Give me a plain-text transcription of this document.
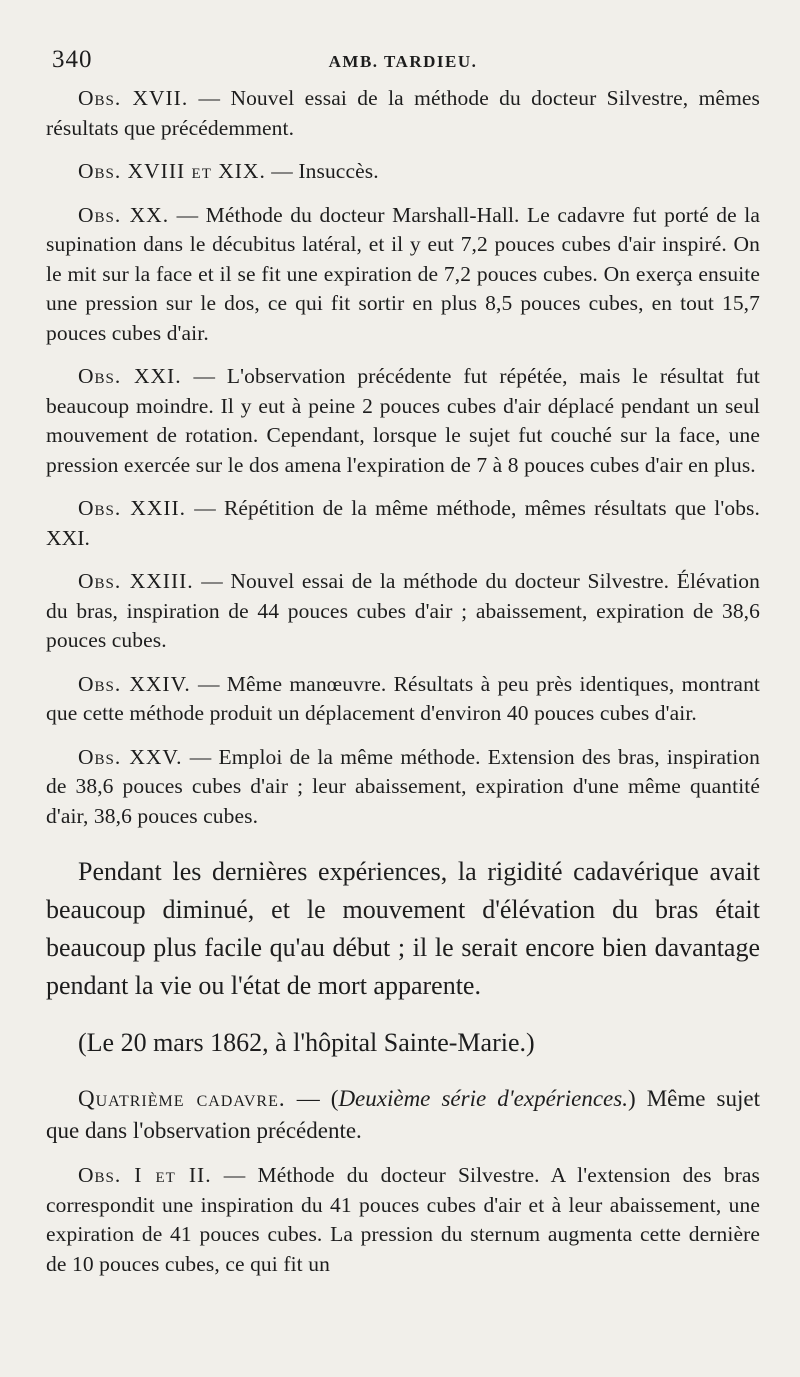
340	AMB. TARDIEU.

Obs. XVII. — Nouvel essai de la méthode du docteur Silvestre, mêmes résultats que précédemment.

Obs. XVIII et XIX. — Insuccès.

Obs. XX. — Méthode du docteur Marshall-Hall. Le cadavre fut porté de la supination dans le décubitus latéral, et il y eut 7,2 pouces cubes d'air inspiré. On le mit sur la face et il se fit une expiration de 7,2 pouces cubes. On exerça ensuite une pression sur le dos, ce qui fit sortir en plus 8,5 pouces cubes, en tout 15,7 pouces cubes d'air.

Obs. XXI. — L'observation précédente fut répétée, mais le résultat fut beaucoup moindre. Il y eut à peine 2 pouces cubes d'air déplacé pendant un seul mouvement de rotation. Cependant, lorsque le sujet fut couché sur la face, une pression exercée sur le dos amena l'expiration de 7 à 8 pouces cubes d'air en plus.

Obs. XXII. — Répétition de la même méthode, mêmes résultats que l'obs. XXI.

Obs. XXIII. — Nouvel essai de la méthode du docteur Silvestre. Élévation du bras, inspiration de 44 pouces cubes d'air ; abaissement, expiration de 38,6 pouces cubes.

Obs. XXIV. — Même manœuvre. Résultats à peu près identiques, montrant que cette méthode produit un déplacement d'environ 40 pouces cubes d'air.

Obs. XXV. — Emploi de la même méthode. Extension des bras, inspiration de 38,6 pouces cubes d'air ; leur abaissement, expiration d'une même quantité d'air, 38,6 pouces cubes.

Pendant les dernières expériences, la rigidité cadavérique avait beaucoup diminué, et le mouvement d'élévation du bras était beaucoup plus facile qu'au début ; il le serait encore bien davantage pendant la vie ou l'état de mort apparente.

(Le 20 mars 1862, à l'hôpital Sainte-Marie.)

Quatrième cadavre. — (Deuxième série d'expériences.) Même sujet que dans l'observation précédente.

Obs. I et II. — Méthode du docteur Silvestre. A l'extension des bras correspondit une inspiration du 41 pouces cubes d'air et à leur abaissement, une expiration de 41 pouces cubes. La pression du sternum augmenta cette dernière de 10 pouces cubes, ce qui fit un
